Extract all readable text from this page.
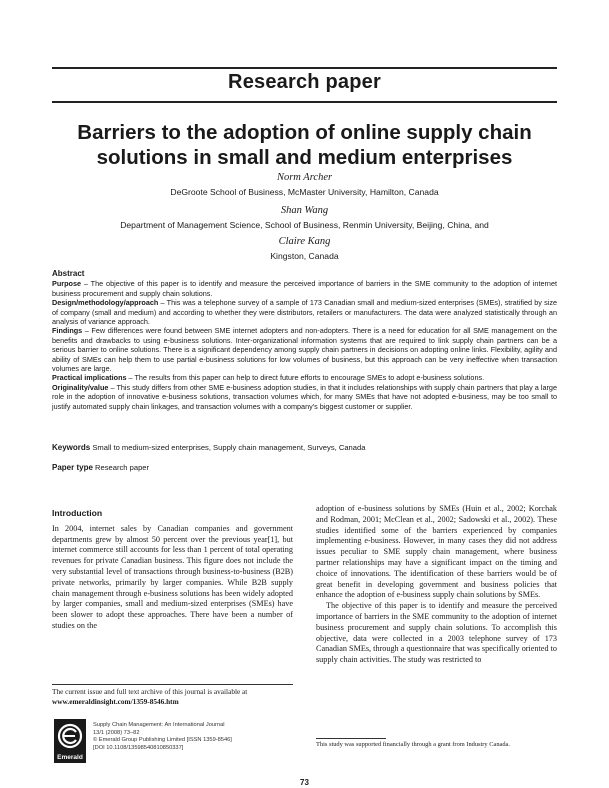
Research paper
Barriers to the adoption of online supply chain
solutions in small and medium enterprises
Norm Archer
DeGroote School of Business, McMaster University, Hamilton, Canada
Shan Wang
Department of Management Science, School of Business, Renmin University, Beijing, China, and
Claire Kang
Kingston, Canada
Abstract

Purpose – The objective of this paper is to identify and measure the perceived importance of barriers in the SME community to the adoption of internet business procurement and supply chain solutions.

Design/methodology/approach – This was a telephone survey of a sample of 173 Canadian small and medium-sized enterprises (SMEs), stratified by size of company (small and medium) and according to whether they were distributors, retailers or manufacturers. The data were analyzed statistically through an analysis of variance approach.

Findings – Few differences were found between SME internet adopters and non-adopters. There is a need for education for all SME management on the benefits and drawbacks to using e-business solutions. Inter-organizational information systems that are required to link supply chain partners can be a serious barrier to online solutions. There is a significant dependency among supply chain partners in decisions on adopting online links. Flexibility, agility and ability of SMEs can help them to use partial e-business solutions for low volumes of business, but this approach can be very ineffective when transaction volumes are large.

Practical implications – The results from this paper can help to direct future efforts to encourage SMEs to adopt e-business solutions.

Originality/value – This study differs from other SME e-business adoption studies, in that it includes relationships with supply chain partners that play a large role in the adoption of innovative e-business solutions, transaction volumes which, for many SMEs that have not adopted e-business, may be too small to justify automated supply chain linkages, and transaction volumes with a company's biggest customer or supplier.

Keywords Small to medium-sized enterprises, Supply chain management, Surveys, Canada
Paper type Research paper
Introduction

In 2004, internet sales by Canadian companies and government departments grew by almost 50 percent over the previous year[1], but internet commerce still accounts for less than 1 percent of total operating revenues for private Canadian business. This figure does not include the very substantial level of transactions through business-to-business (B2B) private networks, primarily by larger companies. While B2B supply chain management through e-business solutions has been widely adopted by larger companies, small and medium-sized enterprises (SMEs) have been slower to adopt these approaches. There have been a number of studies on the

adoption of e-business solutions by SMEs (Huin et al., 2002; Korchak and Rodman, 2001; McClean et al., 2002; Sadowski et al., 2002). These studies identified some of the barriers experienced by companies implementing e-business. However, in many cases they did not address issues peculiar to SME supply chain management, where business partner relationships may have a significant impact on the timing and choice of innovations. The identification of these barriers would be of great benefit in developing government and business policies that enhance the adoption of e-business supply chain solutions by SMEs.

The objective of this paper is to identify and measure the perceived importance of barriers in the SME community to the adoption of internet business procurement and supply chain solutions. To accomplish this objective, data were collected in a 2003 telephone survey of 173 Canadian SMEs, through a questionnaire that was specifically oriented to supply chain activities. The study was restricted to

The current issue and full text archive of this journal is available at
www.emeraldinsight.com/1359-8546.htm
Emerald
Supply Chain Management: An International Journal
13/1 (2008) 73–82
© Emerald Group Publishing Limited [ISSN 1359-8546]
[DOI 10.1108/13598540810850337]	This study was supported financially through a grant from Industry Canada.
73
